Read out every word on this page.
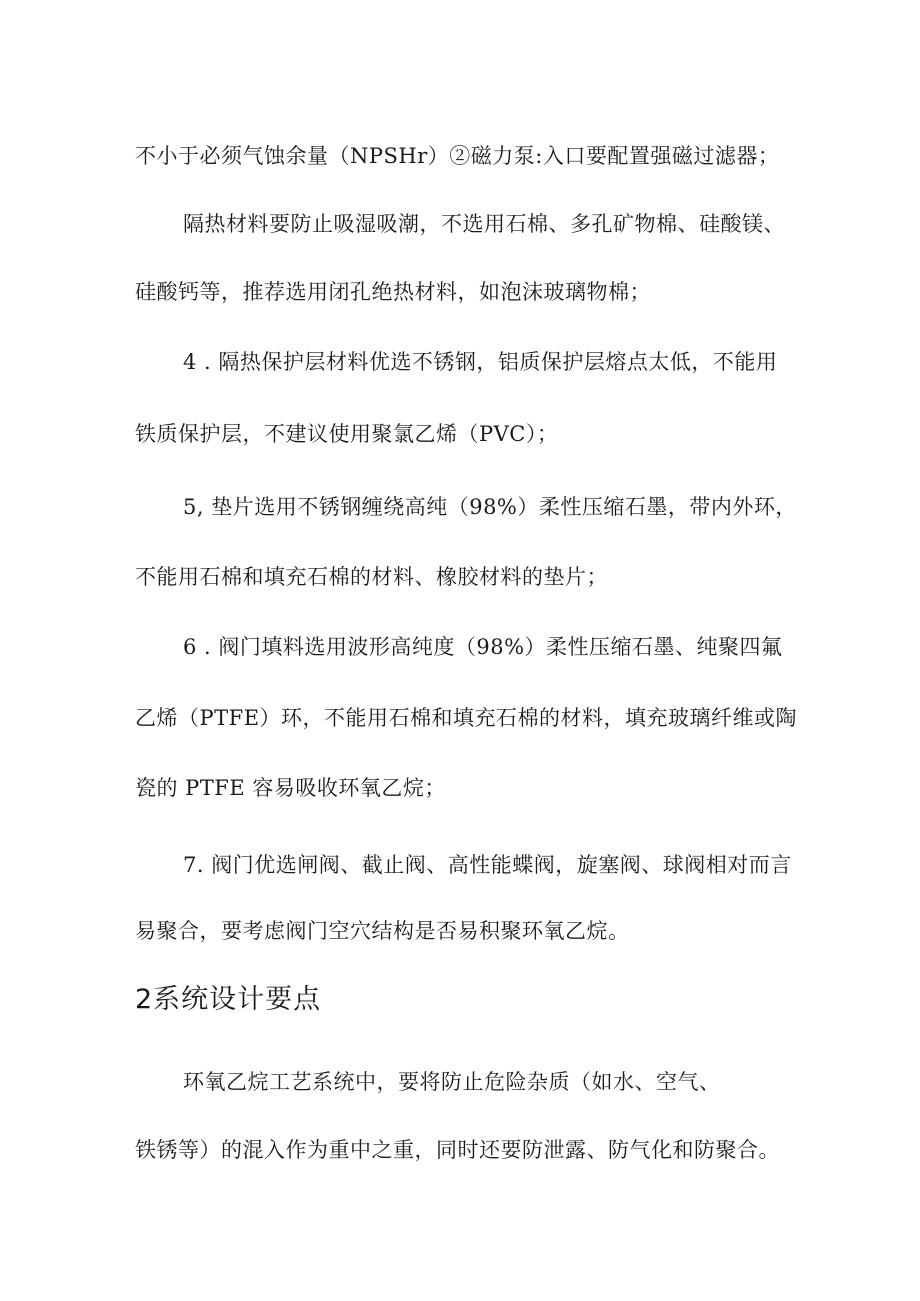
不小于必须气蚀余量（NPSHr）②磁力泵:入口要配置强磁过滤器；
隔热材料要防止吸湿吸潮，不选用石棉、多孔矿物棉、硅酸镁、
硅酸钙等，推荐选用闭孔绝热材料，如泡沫玻璃物棉；
4 . 隔热保护层材料优选不锈钢，铝质保护层熔点太低，不能用
铁质保护层，不建议使用聚氯乙烯（PVC）；
5, 垫片选用不锈钢缠绕高纯（98%）柔性压缩石墨，带内外环，
不能用石棉和填充石棉的材料、橡胶材料的垫片；
6 . 阀门填料选用波形高纯度（98%）柔性压缩石墨、纯聚四氟
乙烯（PTFE）环，不能用石棉和填充石棉的材料，填充玻璃纤维或陶
瓷的 PTFE 容易吸收环氧乙烷；
7. 阀门优选闸阀、截止阀、高性能蝶阀，旋塞阀、球阀相对而言
易聚合，要考虑阀门空穴结构是否易积聚环氧乙烷。
2系统设计要点
环氧乙烷工艺系统中，要将防止危险杂质（如水、空气、
铁锈等）的混入作为重中之重，同时还要防泄露、防气化和防聚合。
